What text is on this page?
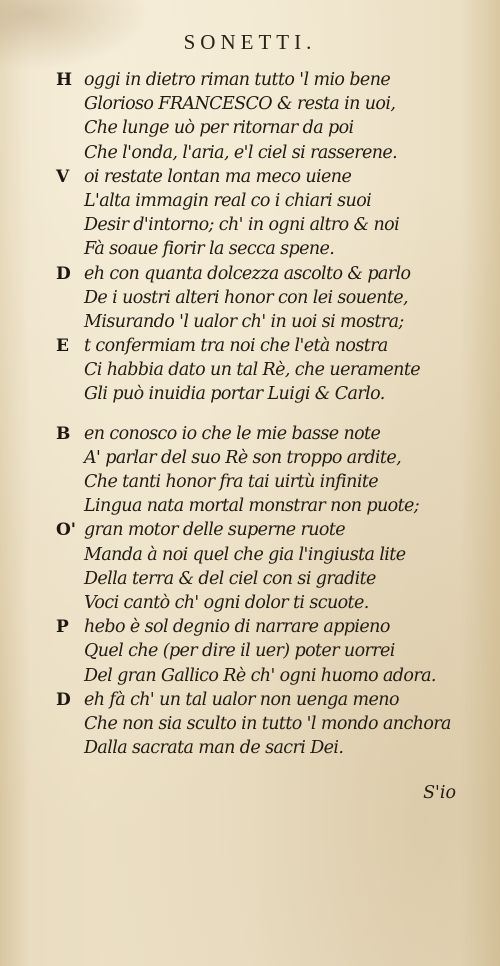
SONETTI.
H oggi in dietro riman tutto 'l mio bene
Glorioso FRANCESCO & resta in uoi,
Che lunge uò per ritornar da poi
Che l'onda, l'aria, e'l ciel si rasserene.
V oi restate lontan ma meco uiene
L'alta immagin real co i chiari suoi
Desir d'intorno; ch' in ogni altro & noi
Fà soaue fiorir la secca spene.
D eh con quanta dolcezza ascolto & parlo
De i uostri alteri honor con lei souente,
Misurando 'l ualor ch' in uoi si mostra;
E t confermiam tra noi che l'età nostra
Ci habbia dato un tal Rè, che ueramente
Gli può inuidia portar Luigi & Carlo.
B en conosco io che le mie basse note
A' parlar del suo Rè son troppo ardite,
Che tanti honor fra tai uirtù infinite
Lingua nata mortal monstrar non puote;
O' gran motor delle superne ruote
Manda à noi quel che gia l'ingiusta lite
Della terra & del ciel con si gradite
Voci cantò ch' ogni dolor ti scuote.
P hebo è sol degnio di narrare appieno
Quel che (per dire il uer) poter uorrei
Del gran Gallico Rè ch' ogni huomo adora.
D eh fà ch' un tal ualor non uenga meno
Che non sia sculto in tutto 'l mondo anchora
Dalla sacrata man de sacri Dei.
S'io
